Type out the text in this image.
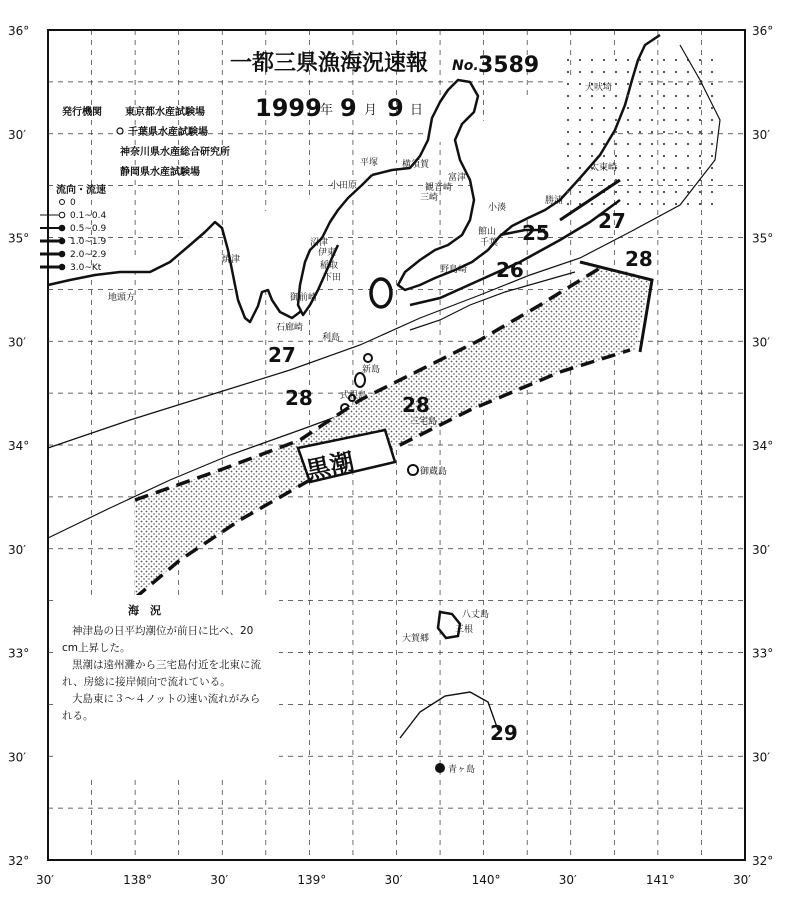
一都三県漁海況速報 No. 3589
1999
年 9 月 9 日
発行機関 東京都水産試験場
千葉県水産試験場
神奈川県水産総合研究所
静岡県水産試験場
流向・流速
0
0.1~0.4
0.5~0.9
1.0~1.9
2.0~2.9
3.0~Kt
36°
30′
35°
30′
34°
30′
33°
30′
32°
36°
30′
35°
30′
34°
30′
33°
30′
32°
30′	138°	30′	139°	30′	140°	30′	141°	30′
25
26
27
27
28
28	28
29
黒潮
犬吠埼
太東崎
勝浦
小湊
千葉
館山
野島崎
平塚	横須賀
富津
三崎
観音崎
小田原
沼津
伊東
稲取
下田
御前崎
焼津
地頭方
石廊崎
利島
新島
式根島
三宅島
御蔵島
八丈島
大賀郷
三根
青ヶ島
海　況
神津島の日平均潮位が前日に比べ、20
cm上昇した。
黒潮は遠州灘から三宅島付近を北東に流
れ、房総に接岸傾向で流れている。
大島東に３～４ノットの速い流れがみら
れる。
